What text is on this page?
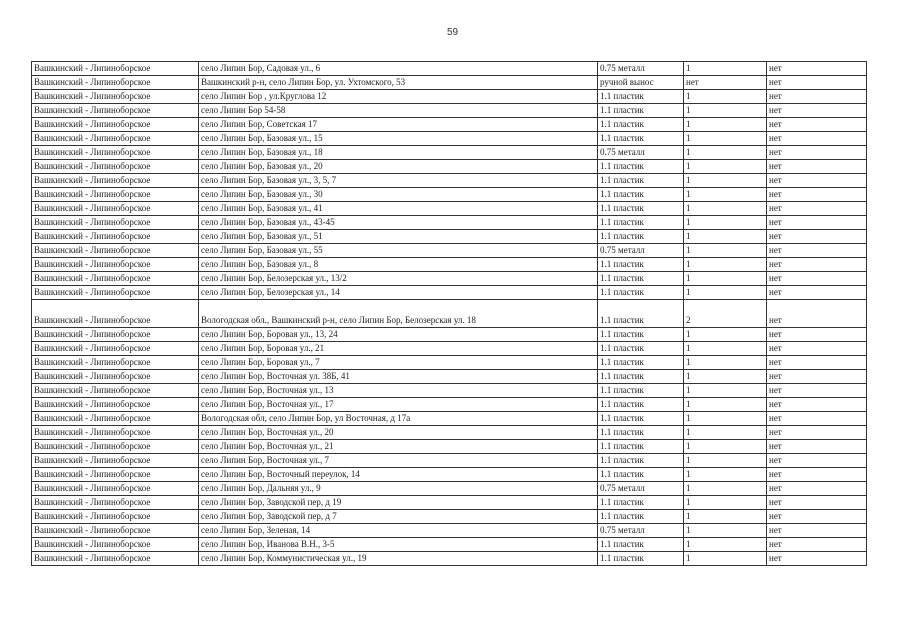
59
Вашкинский - Липиноборское	село Липин Бор, Садовая ул., 6	0.75 металл	1	нет
Вашкинский - Липиноборское	Вашкинский р-н, село Липин Бор, ул. Ухтомского, 53	ручной вынос	нет	нет
Вашкинский - Липиноборское	село Липин Бор , ул.Круглова 12	1.1 пластик	1	нет
Вашкинский - Липиноборское	село Липин Бор 54-58	1.1 пластик	1	нет
Вашкинский - Липиноборское	село Липин Бор, Советская 17	1.1 пластик	1	нет
Вашкинский - Липиноборское	село Липин Бор, Базовая ул., 15	1.1 пластик	1	нет
Вашкинский - Липиноборское	село Липин Бор, Базовая ул., 18	0.75 металл	1	нет
Вашкинский - Липиноборское	село Липин Бор, Базовая ул., 20	1.1 пластик	1	нет
Вашкинский - Липиноборское	село Липин Бор, Базовая ул., 3, 5, 7	1.1 пластик	1	нет
Вашкинский - Липиноборское	село Липин Бор, Базовая ул., 30	1.1 пластик	1	нет
Вашкинский - Липиноборское	село Липин Бор, Базовая ул., 41	1.1 пластик	1	нет
Вашкинский - Липиноборское	село Липин Бор, Базовая ул., 43-45	1.1 пластик	1	нет
Вашкинский - Липиноборское	село Липин Бор, Базовая ул., 51	1.1 пластик	1	нет
Вашкинский - Липиноборское	село Липин Бор, Базовая ул., 55	0.75 металл	1	нет
Вашкинский - Липиноборское	село Липин Бор, Базовая ул., 8	1.1 пластик	1	нет
Вашкинский - Липиноборское	село Липин Бор, Белозерская ул., 13/2	1.1 пластик	1	нет
Вашкинский - Липиноборское	село Липин Бор, Белозерская ул., 14	1.1 пластик	1	нет
Вашкинский - Липиноборское	Вологодская обл., Вашкинский р-н, село Липин Бор, Белозерская ул. 18	1.1 пластик	2	нет
Вашкинский - Липиноборское	село Липин Бор, Боровая ул., 13, 24	1.1 пластик	1	нет
Вашкинский - Липиноборское	село Липин Бор, Боровая ул., 21	1.1 пластик	1	нет
Вашкинский - Липиноборское	село Липин Бор, Боровая ул., 7	1.1 пластик	1	нет
Вашкинский - Липиноборское	село Липин Бор, Восточная ул. 38Б, 41	1.1 пластик	1	нет
Вашкинский - Липиноборское	село Липин Бор, Восточная ул., 13	1.1 пластик	1	нет
Вашкинский - Липиноборское	село Липин Бор, Восточная ул., 17	1.1 пластик	1	нет
Вашкинский - Липиноборское	Вологодская обл, село Липин Бор, ул Восточная, д 17а	1.1 пластик	1	нет
Вашкинский - Липиноборское	село Липин Бор, Восточная ул., 20	1.1 пластик	1	нет
Вашкинский - Липиноборское	село Липин Бор, Восточная ул., 21	1.1 пластик	1	нет
Вашкинский - Липиноборское	село Липин Бор, Восточная ул., 7	1.1 пластик	1	нет
Вашкинский - Липиноборское	село Липин Бор, Восточный переулок, 14	1.1 пластик	1	нет
Вашкинский - Липиноборское	село Липин Бор, Дальняя ул., 9	0.75 металл	1	нет
Вашкинский - Липиноборское	село Липин Бор, Заводской пер, д 19	1.1 пластик	1	нет
Вашкинский - Липиноборское	село Липин Бор, Заводской пер, д 7	1.1 пластик	1	нет
Вашкинский - Липиноборское	село Липин Бор, Зеленая, 14	0.75 металл	1	нет
Вашкинский - Липиноборское	село Липин Бор, Иванова В.Н., 3-5	1.1 пластик	1	нет
Вашкинский - Липиноборское	село Липин Бор, Коммунистическая ул., 19	1.1 пластик	1	нет
